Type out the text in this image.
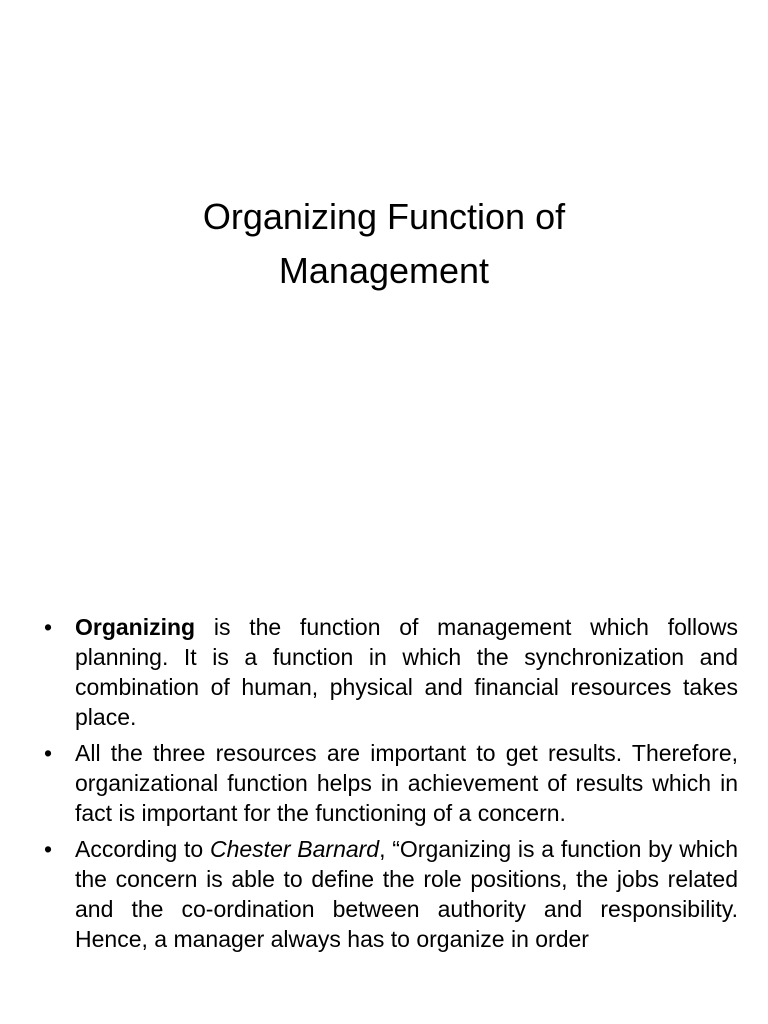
Organizing Function of
Management
• Organizing is the function of management which follows planning. It is a function in which the synchronization and combination of human, physical and financial resources takes place.
• All the three resources are important to get results. Therefore, organizational function helps in achievement of results which in fact is important for the functioning of a concern.
• According to Chester Barnard, “Organizing is a function by which the concern is able to define the role positions, the jobs related and the co-ordination between authority and responsibility. Hence, a manager always has to organize in order
